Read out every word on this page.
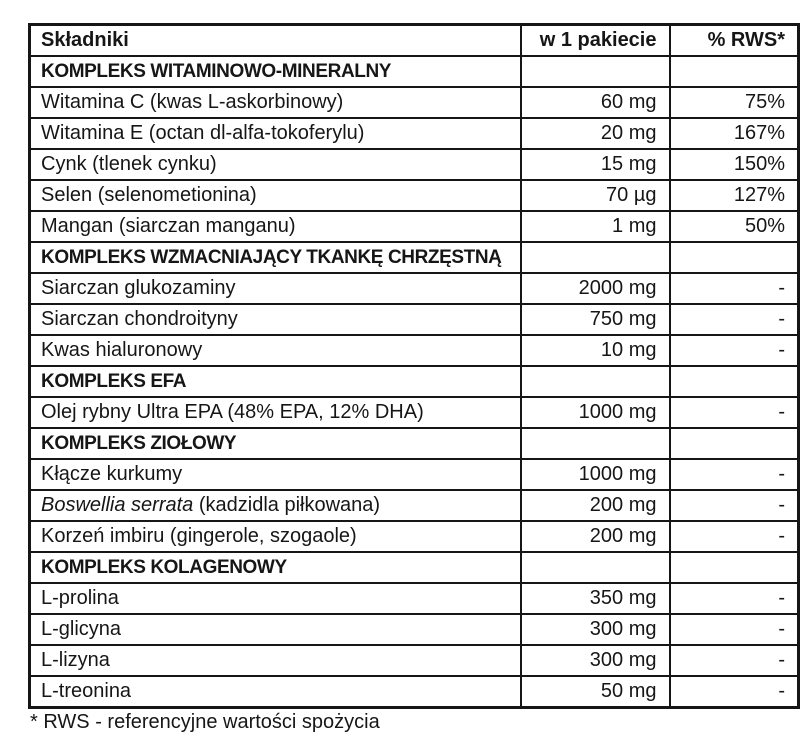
Składniki	w 1 pakiecie	% RWS*
KOMPLEKS WITAMINOWO-MINERALNY		
Witamina C (kwas L-askorbinowy)	60 mg	75%
Witamina E (octan dl-alfa-tokoferylu)	20 mg	167%
Cynk (tlenek cynku)	15 mg	150%
Selen (selenometionina)	70 µg	127%
Mangan (siarczan manganu)	1 mg	50%
KOMPLEKS WZMACNIAJĄCY TKANKĘ CHRZĘSTNĄ		
Siarczan glukozaminy	2000 mg	-
Siarczan chondroityny	750 mg	-
Kwas hialuronowy	10 mg	-
KOMPLEKS EFA		
Olej rybny Ultra EPA (48% EPA, 12% DHA)	1000 mg	-
KOMPLEKS ZIOŁOWY		
Kłącze kurkumy	1000 mg	-
Boswellia serrata (kadzidla piłkowana)	200 mg	-
Korzeń imbiru (gingerole, szogaole)	200 mg	-
KOMPLEKS KOLAGENOWY		
L-prolina	350 mg	-
L-glicyna	300 mg	-
L-lizyna	300 mg	-
L-treonina	50 mg	-
* RWS - referencyjne wartości spożycia
